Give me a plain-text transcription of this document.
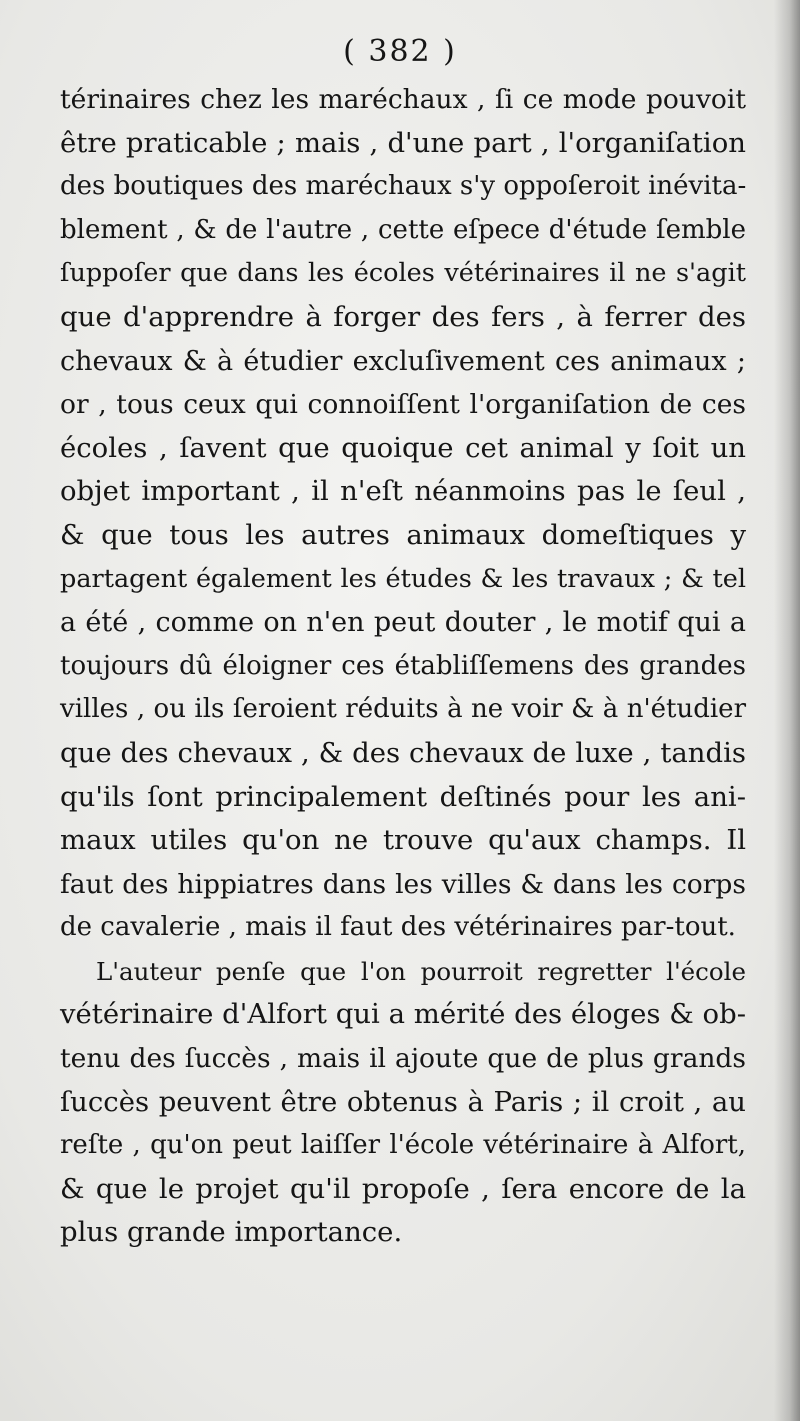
( 382 )
térinaires chez les maréchaux , ſi ce mode pouvoit
être praticable ; mais , d'une part , l'organiſation
des boutiques des maréchaux s'y oppoſeroit inévita-
blement , & de l'autre , cette eſpece d'étude ſemble
ſuppoſer que dans les écoles vétérinaires il ne s'agit
que d'apprendre à forger des fers , à ferrer des
chevaux & à étudier excluſivement ces animaux ;
or , tous ceux qui connoiſſent l'organiſation de ces
écoles , ſavent que quoique cet animal y ſoit un
objet important , il n'eſt néanmoins pas le ſeul ,
& que tous les autres animaux domeſtiques y
partagent également les études & les travaux ; & tel
a été , comme on n'en peut douter , le motif qui a
toujours dû éloigner ces établiſſemens des grandes
villes , ou ils ſeroient réduits à ne voir & à n'étudier
que des chevaux , & des chevaux de luxe , tandis
qu'ils ſont principalement deſtinés pour les ani-
maux utiles qu'on ne trouve qu'aux champs. Il
faut des hippiatres dans les villes & dans les corps
de cavalerie , mais il faut des vétérinaires par-tout.
L'auteur penſe que l'on pourroit regretter l'école
vétérinaire d'Alfort qui a mérité des éloges & ob-
tenu des ſuccès , mais il ajoute que de plus grands
ſuccès peuvent être obtenus à Paris ; il croit , au
reſte , qu'on peut laiſſer l'école vétérinaire à Alfort,
& que le projet qu'il propoſe , ſera encore de la
plus grande importance.
